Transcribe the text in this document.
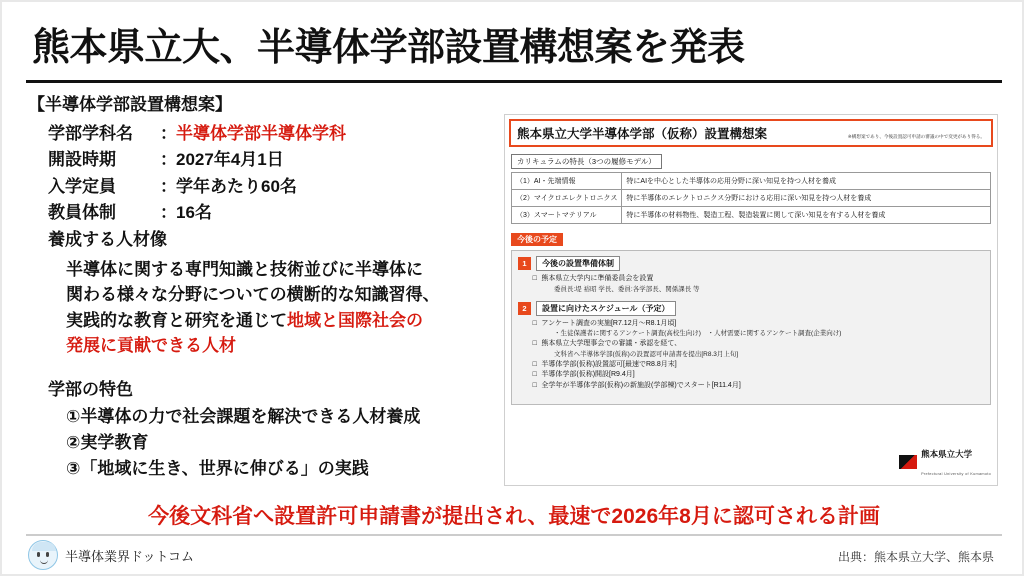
熊本県立大、半導体学部設置構想案を発表
【半導体学部設置構想案】
学部学科名	： 半導体学部半導体学科
開設時期	： 2027年4月1日
入学定員	： 学年あたり60名
教員体制	： 16名
養成する人材像
半導体に関する専門知識と技術並びに半導体に
関わる様々な分野についての横断的な知識習得、
実践的な教育と研究を通じて地域と国際社会の
発展に貢献できる人材
学部の特色
①半導体の力で社会課題を解決できる人材養成
②実学教育
③「地域に生き、世界に伸びる」の実践
熊本県立大学半導体学部（仮称）設置構想案	※構想案であり、今後設置認可申請の審議の中で変更があり得る。
カリキュラムの特長（3つの履修モデル）
（1）AI・先端情報	特にAIを中心とした半導体の応用分野に深い知見を持つ人材を養成
（2）マイクロエレクトロニクス	特に半導体のエレクトロニクス分野における応用に深い知見を持つ人材を養成
（3）スマートマテリアル	特に半導体の材料物性、製造工程、製造装置に関して深い知見を有する人材を養成
今後の予定
1	今後の設置準備体制
☐ 熊本県立大学内に準備委員会を設置
委員長:堤 裕昭 学長、委員:各学部長、関係課長 等
2	設置に向けたスケジュール（予定）
☐ アンケート調査の実施[R7.12月～R8.1月頃]
・生徒保護者に関するアンケート調査(高校生向け)　・人材需要に関するアンケート調査(企業向け)
☐ 熊本県立大学理事会での審議・承認を経て、
文科省へ半導体学部(仮称)の設置認可申請書を提出[R8.3月上旬]
☐ 半導体学部(仮称)設置認可[最速でR8.8月末]
☐ 半導体学部(仮称)開設[R9.4月]
☐ 全学年が半導体学部(仮称)の新施設(学部棟)でスタート[R11.4月]
熊本県立大学
Prefectural University of Kumamoto
今後文科省へ設置許可申請書が提出され、最速で2026年8月に認可される計画
半導体業界ドットコム	出典：熊本県立大学、熊本県
